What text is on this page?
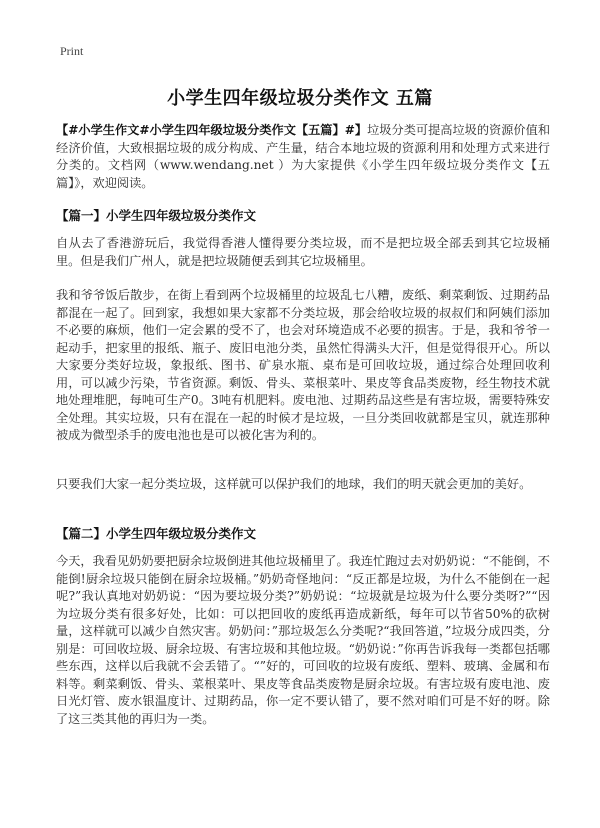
Print
小学生四年级垃圾分类作文 五篇
【#小学生作文#小学生四年级垃圾分类作文【五篇】#】垃圾分类可提高垃圾的资源价值和经济价值，大致根据垃圾的成分构成、产生量，结合本地垃圾的资源利用和处理方式来进行分类的。文档网（www.wendang.net ）为大家提供《小学生四年级垃圾分类作文【五篇】》，欢迎阅读。
【篇一】小学生四年级垃圾分类作文
自从去了香港游玩后，我觉得香港人懂得要分类垃圾，而不是把垃圾全部丢到其它垃圾桶里。但是我们广州人，就是把垃圾随便丢到其它垃圾桶里。
我和爷爷饭后散步，在街上看到两个垃圾桶里的垃圾乱七八糟，废纸、剩菜剩饭、过期药品都混在一起了。回到家，我想如果大家都不分类垃圾，那会给收垃圾的叔叔们和阿姨们添加不必要的麻烦，他们一定会累的受不了，也会对环境造成不必要的损害。于是，我和爷爷一起动手，把家里的报纸、瓶子、废旧电池分类，虽然忙得满头大汗，但是觉得很开心。所以大家要分类好垃圾，象报纸、图书、矿泉水瓶、桌布是可回收垃圾，通过综合处理回收利用，可以减少污染，节省资源。剩饭、骨头、菜根菜叶、果皮等食品类废物，经生物技术就地处理堆肥，每吨可生产0。3吨有机肥料。废电池、过期药品这些是有害垃圾，需要特殊安全处理。其实垃圾，只有在混在一起的时候才是垃圾，一旦分类回收就都是宝贝，就连那种被成为微型杀手的废电池也是可以被化害为利的。
只要我们大家一起分类垃圾，这样就可以保护我们的地球，我们的明天就会更加的美好。
【篇二】小学生四年级垃圾分类作文
今天，我看见奶奶要把厨余垃圾倒进其他垃圾桶里了。我连忙跑过去对奶奶说：“不能倒，不能倒!厨余垃圾只能倒在厨余垃圾桶。”奶奶奇怪地问：“反正都是垃圾，为什么不能倒在一起呢?”我认真地对奶奶说：“因为要垃圾分类?”奶奶说：“垃圾就是垃圾为什么要分类呀?”“因为垃圾分类有很多好处，比如：可以把回收的废纸再造成新纸，每年可以节省50%的砍树量，这样就可以减少自然灾害。奶奶问：”那垃圾怎么分类呢?“我回答道，”垃圾分成四类，分别是：可回收垃圾、厨余垃圾、有害垃圾和其他垃圾。“奶奶说：”你再告诉我每一类都包括哪些东西，这样以后我就不会丢错了。“”好的，可回收的垃圾有废纸、塑料、玻璃、金属和布料等。剩菜剩饭、骨头、菜根菜叶、果皮等食品类废物是厨余垃圾。有害垃圾有废电池、废日光灯管、废水银温度计、过期药品，你一定不要认错了，要不然对咱们可是不好的呀。除了这三类其他的再归为一类。
